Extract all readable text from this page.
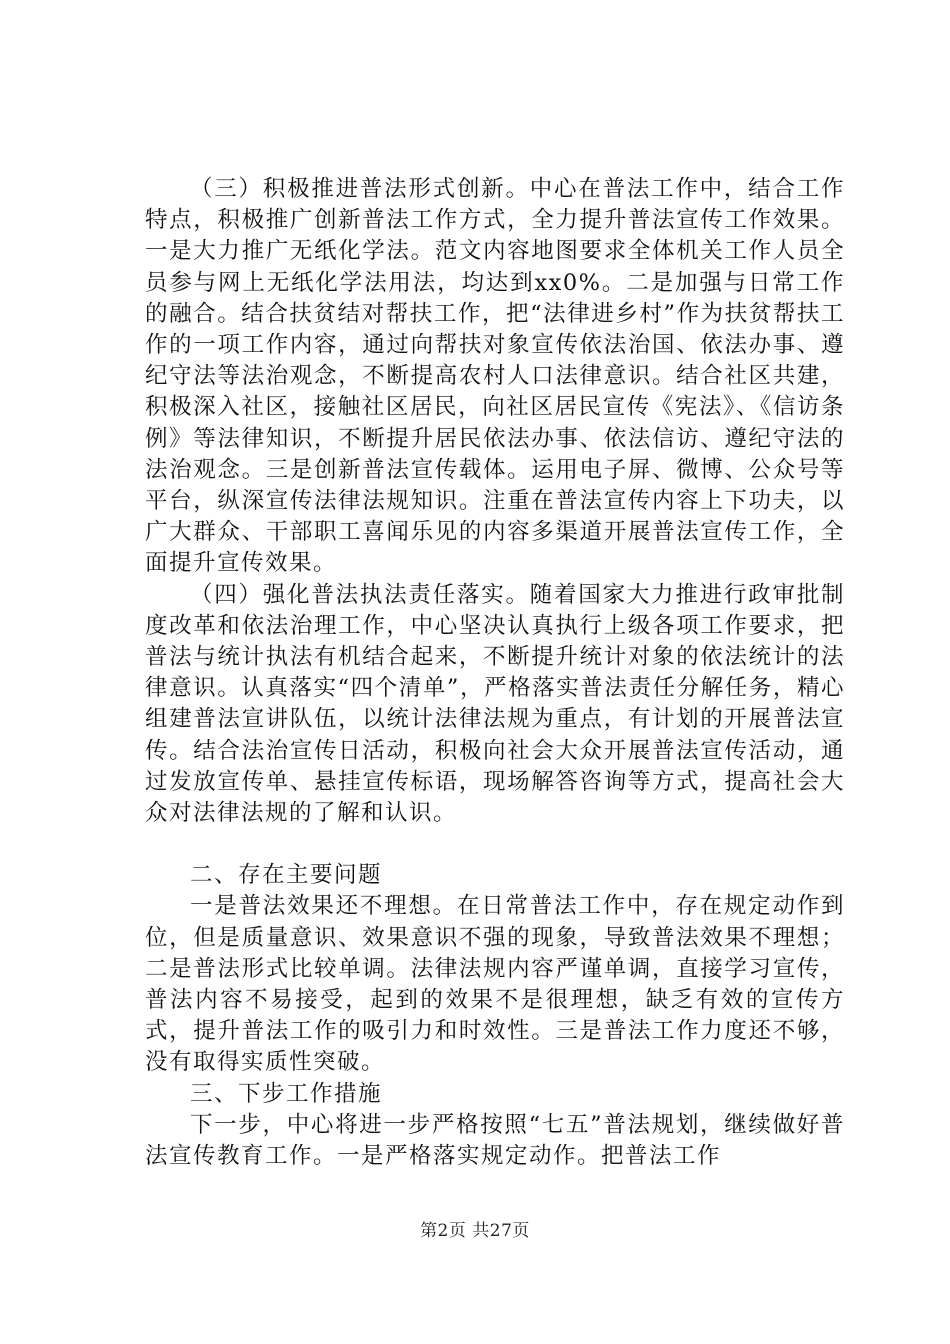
（三）积极推进普法形式创新。中心在普法工作中，结合工作特点，积极推广创新普法工作方式，全力提升普法宣传工作效果。一是大力推广无纸化学法。范文内容地图要求全体机关工作人员全员参与网上无纸化学法用法，均达到xx0%。二是加强与日常工作的融合。结合扶贫结对帮扶工作，把“法律进乡村”作为扶贫帮扶工作的一项工作内容，通过向帮扶对象宣传依法治国、依法办事、遵纪守法等法治观念，不断提高农村人口法律意识。结合社区共建，积极深入社区，接触社区居民，向社区居民宣传《宪法》、《信访条例》等法律知识，不断提升居民依法办事、依法信访、遵纪守法的法治观念。三是创新普法宣传载体。运用电子屏、微博、公众号等平台，纵深宣传法律法规知识。注重在普法宣传内容上下功夫，以广大群众、干部职工喜闻乐见的内容多渠道开展普法宣传工作，全面提升宣传效果。

（四）强化普法执法责任落实。随着国家大力推进行政审批制度改革和依法治理工作，中心坚决认真执行上级各项工作要求，把普法与统计执法有机结合起来，不断提升统计对象的依法统计的法律意识。认真落实“四个清单”，严格落实普法责任分解任务，精心组建普法宣讲队伍，以统计法律法规为重点，有计划的开展普法宣传。结合法治宣传日活动，积极向社会大众开展普法宣传活动，通过发放宣传单、悬挂宣传标语，现场解答咨询等方式，提高社会大众对法律法规的了解和认识。

二、存在主要问题

一是普法效果还不理想。在日常普法工作中，存在规定动作到位，但是质量意识、效果意识不强的现象，导致普法效果不理想；二是普法形式比较单调。法律法规内容严谨单调，直接学习宣传，普法内容不易接受，起到的效果不是很理想，缺乏有效的宣传方式，提升普法工作的吸引力和时效性。三是普法工作力度还不够，没有取得实质性突破。

三、下步工作措施

下一步，中心将进一步严格按照“七五”普法规划，继续做好普法宣传教育工作。一是严格落实规定动作。把普法工作

第2页 共27页
